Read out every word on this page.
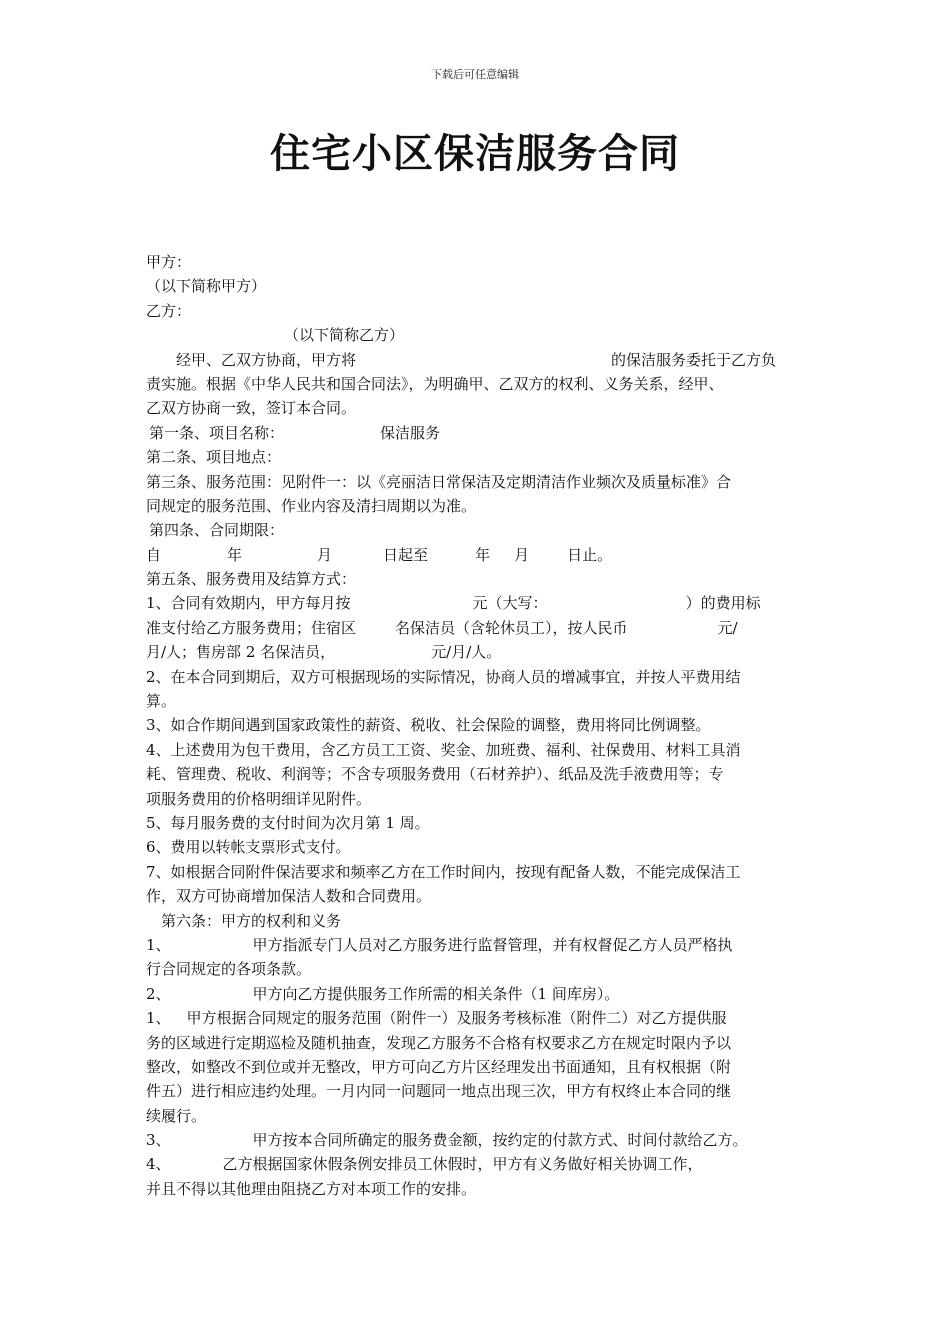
下载后可任意编辑
住宅小区保洁服务合同
甲方：
（以下简称甲方）
乙方：
（以下简称乙方）
经甲、乙双方协商，甲方将	的保洁服务委托于乙方负
责实施。根据《中华人民共和国合同法》，为明确甲、乙双方的权利、义务关系，经甲、
乙双方协商一致，签订本合同。
第一条、项目名称：	保洁服务
第二条、项目地点：
第三条、服务范围：见附件一：以《亮丽洁日常保洁及定期清洁作业频次及质量标准》合
同规定的服务范围、作业内容及清扫周期以为准。
第四条、合同期限：
自	年	月	日起至	年 月	日止。
第五条、服务费用及结算方式：
1、合同有效期内，甲方每月按	元（大写：	）的费用标
准支付给乙方服务费用；住宿区	名保洁员（含轮休员工），按人民币	元/
月/人；售房部 2 名保洁员，	元/月/人。
2、在本合同到期后，双方可根据现场的实际情况，协商人员的增减事宜，并按人平费用结
算。
3、如合作期间遇到国家政策性的薪资、税收、社会保险的调整，费用将同比例调整。
4、上述费用为包干费用，含乙方员工工资、奖金、加班费、福利、社保费用、材料工具消
耗、管理费、税收、利润等；不含专项服务费用（石材养护）、纸品及洗手液费用等；专
项服务费用的价格明细详见附件。
5、每月服务费的支付时间为次月第 1 周。
6、费用以转帐支票形式支付。
7、如根据合同附件保洁要求和频率乙方在工作时间内，按现有配备人数，不能完成保洁工
作，双方可协商增加保洁人数和合同费用。
第六条：甲方的权利和义务
1、	甲方指派专门人员对乙方服务进行监督管理，并有权督促乙方人员严格执
行合同规定的各项条款。
2、	甲方向乙方提供服务工作所需的相关条件（1 间库房）。
1、 甲方根据合同规定的服务范围（附件一）及服务考核标准（附件二）对乙方提供服
务的区域进行定期巡检及随机抽查，发现乙方服务不合格有权要求乙方在规定时限内予以
整改，如整改不到位或并无整改，甲方可向乙方片区经理发出书面通知，且有权根据（附
件五）进行相应违约处理。一月内同一问题同一地点出现三次，甲方有权终止本合同的继
续履行。
3、	甲方按本合同所确定的服务费金额，按约定的付款方式、时间付款给乙方。
4、	乙方根据国家休假条例安排员工休假时，甲方有义务做好相关协调工作，
并且不得以其他理由阻挠乙方对本项工作的安排。
